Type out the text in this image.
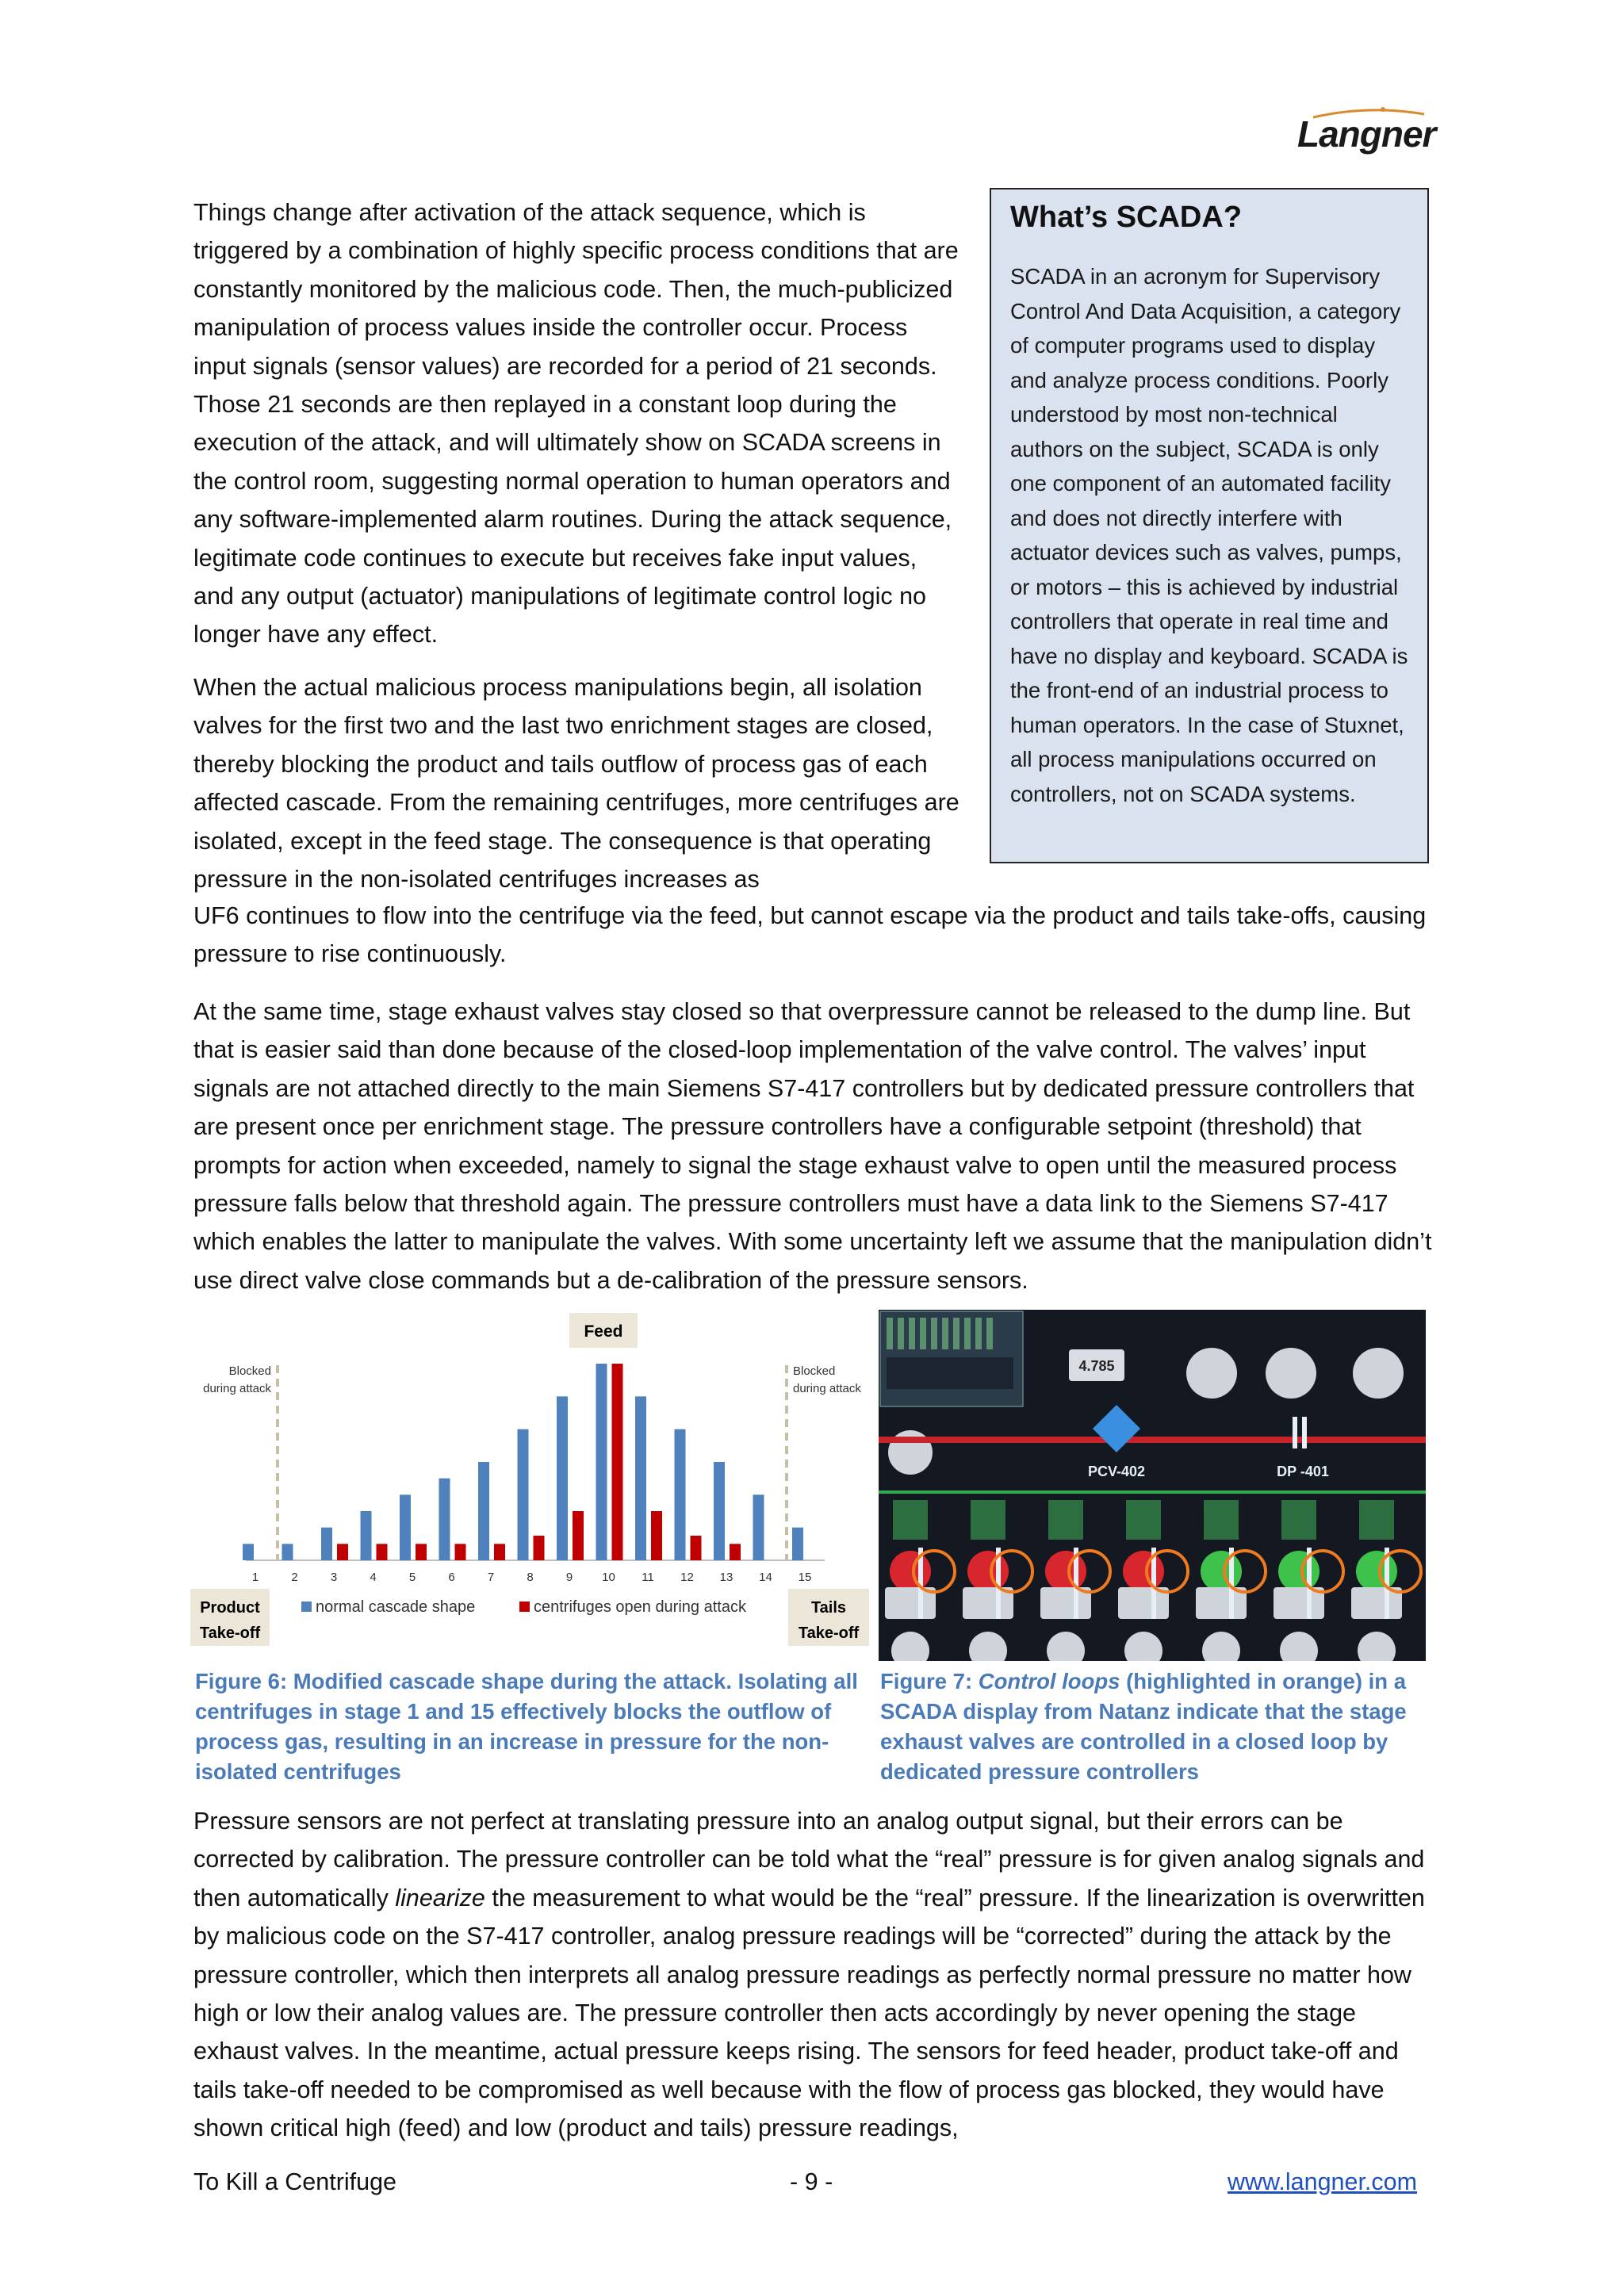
Langner

Things change after activation of the attack sequence, which is triggered by a combination of highly specific process conditions that are constantly monitored by the malicious code. Then, the much-publicized manipulation of process values inside the controller occur. Process input signals (sensor values) are recorded for a period of 21 seconds. Those 21 seconds are then replayed in a constant loop during the execution of the attack, and will ultimately show on SCADA screens in the control room, suggesting normal operation to human operators and any software-implemented alarm routines. During the attack sequence, legitimate code continues to execute but receives fake input values, and any output (actuator) manipulations of legitimate control logic no longer have any effect.

When the actual malicious process manipulations begin, all isolation valves for the first two and the last two enrichment stages are closed, thereby blocking the product and tails outflow of process gas of each affected cascade. From the remaining centrifuges, more centrifuges are isolated, except in the feed stage. The consequence is that operating pressure in the non-isolated centrifuges increases as

UF6 continues to flow into the centrifuge via the feed, but cannot escape via the product and tails take-offs, causing pressure to rise continuously.

What’s SCADA?

SCADA in an acronym for Supervisory Control And Data Acquisition, a category of computer programs used to display and analyze process conditions. Poorly understood by most non-technical authors on the subject, SCADA is only one component of an automated facility and does not directly interfere with actuator devices such as valves, pumps, or motors – this is achieved by industrial controllers that operate in real time and have no display and keyboard. SCADA is the front-end of an industrial process to human operators. In the case of Stuxnet, all process manipulations occurred on controllers, not on SCADA systems.

At the same time, stage exhaust valves stay closed so that overpressure cannot be released to the dump line. But that is easier said than done because of the closed-loop implementation of the valve control. The valves’ input signals are not attached directly to the main Siemens S7-417 controllers but by dedicated pressure controllers that are present once per enrichment stage. The pressure controllers have a configurable setpoint (threshold) that prompts for action when exceeded, namely to signal the stage exhaust valve to open until the measured process pressure falls below that threshold again. The pressure controllers must have a data link to the Siemens S7-417 which enables the latter to manipulate the valves. With some uncertainty left we assume that the manipulation didn’t use direct valve close commands but a de-calibration of the pressure sensors.

Feed
Blocked
during attack
Blocked
during attack
1	2	3	4	5	6	7	8	9 10 11 12 13 14 15
Product
Take-off
Tails
Take-off
normal cascade shape	centrifuges open during attack
4.785
PCV-402	DP -401

Figure 6: Modified cascade shape during the attack. Isolating all centrifuges in stage 1 and 15 effectively blocks the outflow of process gas, resulting in an increase in pressure for the non-isolated centrifuges

Figure 7: Control loops (highlighted in orange) in a SCADA display from Natanz indicate that the stage exhaust valves are controlled in a closed loop by dedicated pressure controllers

Pressure sensors are not perfect at translating pressure into an analog output signal, but their errors can be corrected by calibration. The pressure controller can be told what the “real” pressure is for given analog signals and then automatically linearize the measurement to what would be the “real” pressure. If the linearization is overwritten by malicious code on the S7-417 controller, analog pressure readings will be “corrected” during the attack by the pressure controller, which then interprets all analog pressure readings as perfectly normal pressure no matter how high or low their analog values are. The pressure controller then acts accordingly by never opening the stage exhaust valves. In the meantime, actual pressure keeps rising. The sensors for feed header, product take-off and tails take-off needed to be compromised as well because with the flow of process gas blocked, they would have shown critical high (feed) and low (product and tails) pressure readings,

To Kill a Centrifuge	- 9 -	www.langner.com
